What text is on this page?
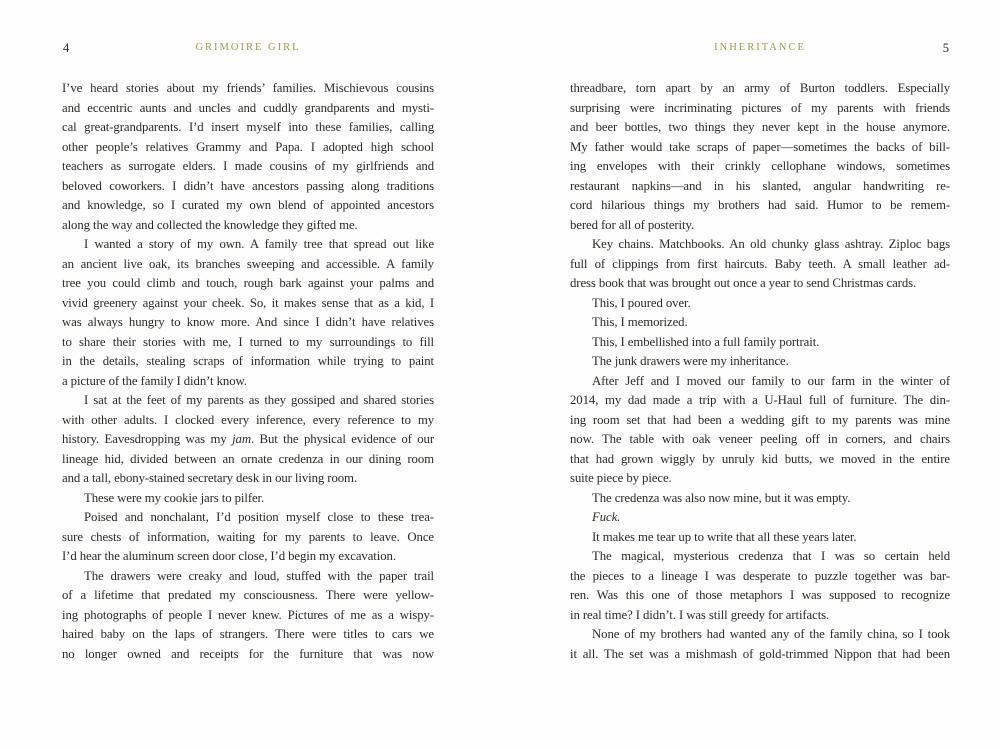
4	GRIMOIRE GIRL
I’ve heard stories about my friends’ families. Mischievous cousins
and eccentric aunts and uncles and cuddly grandparents and mysti-
cal great-grandparents. I’d insert myself into these families, calling
other people’s relatives Grammy and Papa. I adopted high school
teachers as surrogate elders. I made cousins of my girlfriends and
beloved coworkers. I didn’t have ancestors passing along traditions
and knowledge, so I curated my own blend of appointed ancestors
along the way and collected the knowledge they gifted me.
I wanted a story of my own. A family tree that spread out like
an ancient live oak, its branches sweeping and accessible. A family
tree you could climb and touch, rough bark against your palms and
vivid greenery against your cheek. So, it makes sense that as a kid, I
was always hungry to know more. And since I didn’t have relatives
to share their stories with me, I turned to my surroundings to fill
in the details, stealing scraps of information while trying to paint
a picture of the family I didn’t know.
I sat at the feet of my parents as they gossiped and shared stories
with other adults. I clocked every inference, every reference to my
history. Eavesdropping was my jam. But the physical evidence of our
lineage hid, divided between an ornate credenza in our dining room
and a tall, ebony-stained secretary desk in our living room.
These were my cookie jars to pilfer.
Poised and nonchalant, I’d position myself close to these trea-
sure chests of information, waiting for my parents to leave. Once
I’d hear the aluminum screen door close, I’d begin my excavation.
The drawers were creaky and loud, stuffed with the paper trail
of a lifetime that predated my consciousness. There were yellow-
ing photographs of people I never knew. Pictures of me as a wispy-
haired baby on the laps of strangers. There were titles to cars we
no longer owned and receipts for the furniture that was now
INHERITANCE	5
threadbare, torn apart by an army of Burton toddlers. Especially
surprising were incriminating pictures of my parents with friends
and beer bottles, two things they never kept in the house anymore.
My father would take scraps of paper—sometimes the backs of bill-
ing envelopes with their crinkly cellophane windows, sometimes
restaurant napkins—and in his slanted, angular handwriting re-
cord hilarious things my brothers had said. Humor to be remem-
bered for all of posterity.
Key chains. Matchbooks. An old chunky glass ashtray. Ziploc bags
full of clippings from first haircuts. Baby teeth. A small leather ad-
dress book that was brought out once a year to send Christmas cards.
This, I poured over.
This, I memorized.
This, I embellished into a full family portrait.
The junk drawers were my inheritance.
After Jeff and I moved our family to our farm in the winter of
2014, my dad made a trip with a U-Haul full of furniture. The din-
ing room set that had been a wedding gift to my parents was mine
now. The table with oak veneer peeling off in corners, and chairs
that had grown wiggly by unruly kid butts, we moved in the entire
suite piece by piece.
The credenza was also now mine, but it was empty.
Fuck.
It makes me tear up to write that all these years later.
The magical, mysterious credenza that I was so certain held
the pieces to a lineage I was desperate to puzzle together was bar-
ren. Was this one of those metaphors I was supposed to recognize
in real time? I didn’t. I was still greedy for artifacts.
None of my brothers had wanted any of the family china, so I took
it all. The set was a mishmash of gold-trimmed Nippon that had been
